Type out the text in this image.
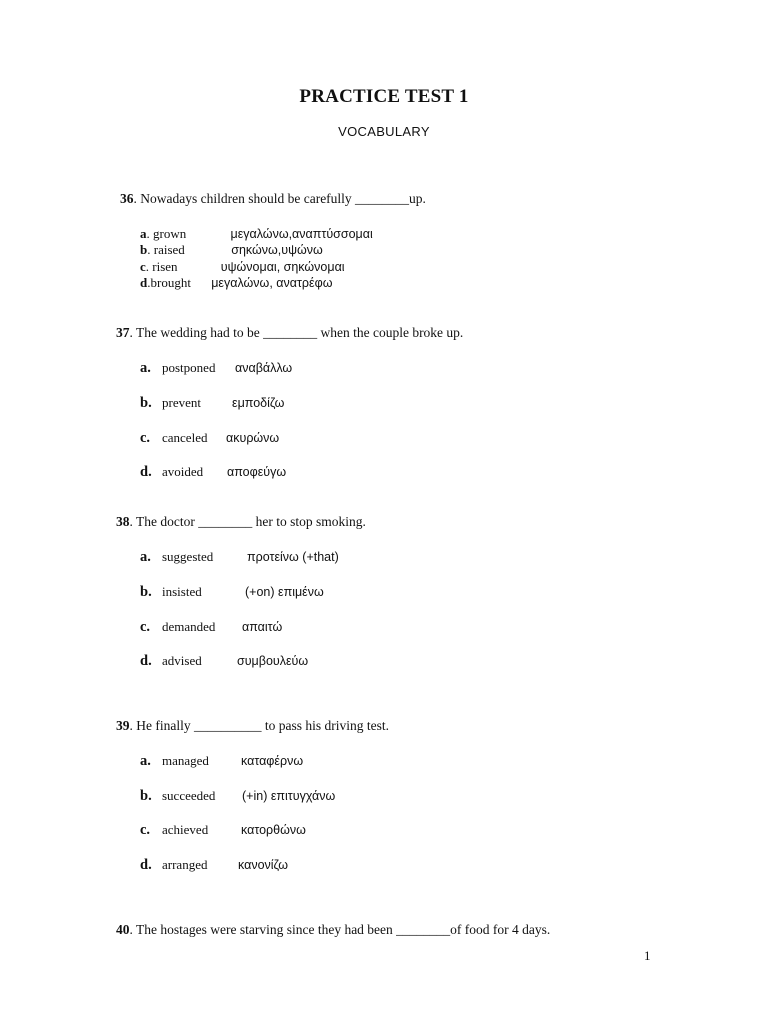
PRACTICE TEST 1
VOCABULARY
36. Nowadays children should be carefully ________up.
a. grown	μεγαλώνω,αναπτύσσομαι
b. raised	σηκώνω,υψώνω
c. risen	υψώνομαι, σηκώνομαι
d.brought μεγαλώνω, ανατρέφω
37. The wedding had to be ________ when the couple broke up.
a. postponed αναβάλλω
b. prevent εμποδίζω
c. canceled ακυρώνω
d. avoided αποφεύγω
38. The doctor ________ her to stop smoking.
a. suggested	προτείνω (+that)
b. insisted	(+on) επιμένω
c. demanded απαιτώ
d. advised	συμβουλεύω
39. He finally __________ to pass his driving test.
a. managed	καταφέρνω
b. succeeded (+in) επιτυγχάνω
c. achieved	κατορθώνω
d. arranged κανονίζω
40. The hostages were starving since they had been ________of food for 4 days.
1
